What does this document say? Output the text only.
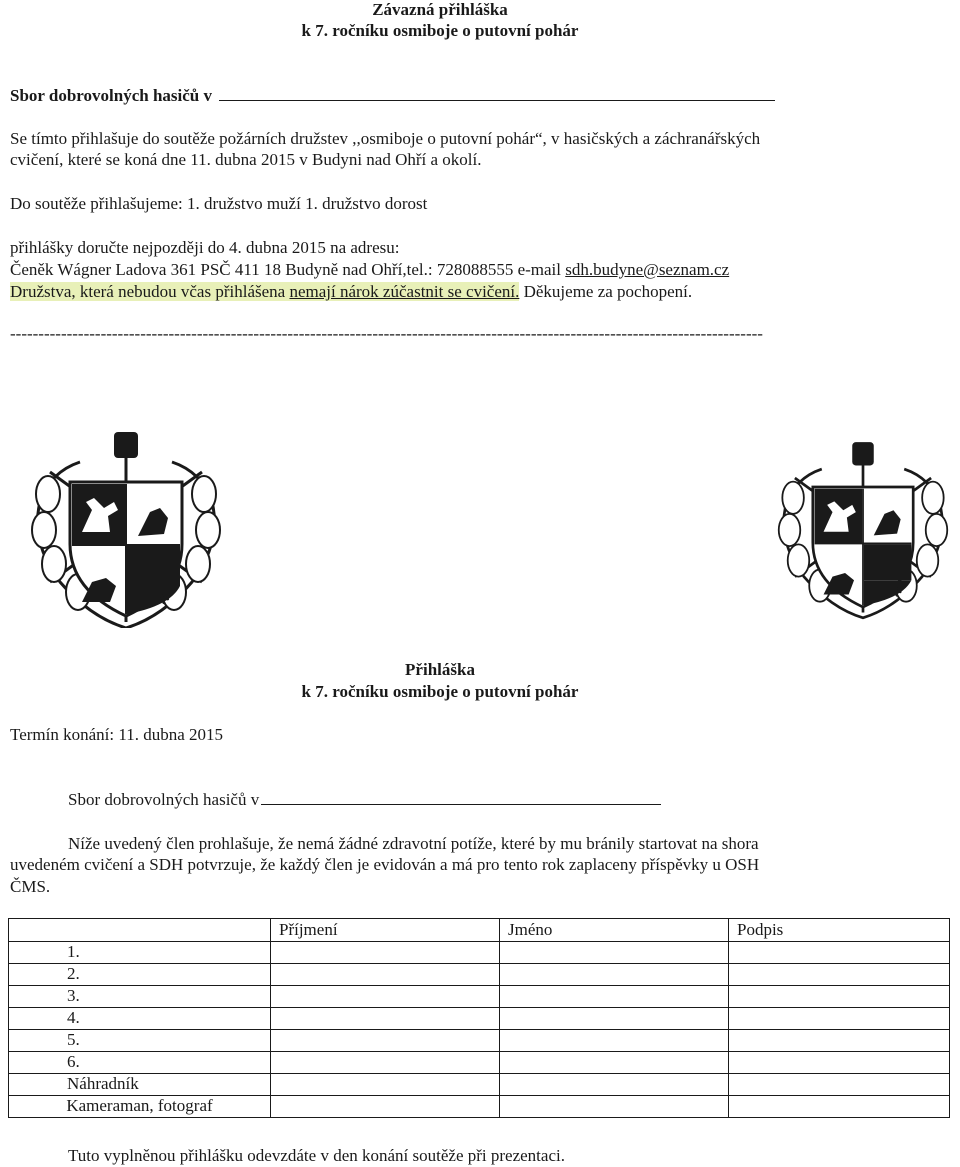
Závazná přihláška
k 7. ročníku osmiboje o putovní pohár
Sbor dobrovolných hasičů v
Se tímto přihlašuje do soutěže požárních družstev ,,osmiboje o putovní pohár“, v hasičských a záchranářských
cvičení, které se koná dne 11. dubna 2015 v Budyni nad Ohří a okolí.
Do soutěže přihlašujeme: 1. družstvo muží 1. družstvo dorost
přihlášky doručte nejpozději do 4. dubna 2015 na adresu:
Čeněk Wágner Ladova 361 PSČ 411 18 Budyně nad Ohří,tel.: 728088555 e-mail sdh.budyne@seznam.cz
Družstva, která nebudou včas přihlášena nemají nárok zúčastnit se cvičení. Děkujeme za pochopení.
-------------------------------------------------------------------------------------------------------------------------------------
✣
✣
Přihláška
k 7. ročníku osmiboje o putovní pohár
Termín konání: 11. dubna 2015
Sbor dobrovolných hasičů v
Níže uvedený člen prohlašuje, že nemá žádné zdravotní potíže, které by mu bránily startovat na shora
uvedeném cvičení a SDH potvrzuje, že každý člen je evidován a má pro tento rok zaplaceny příspěvky u OSH
ČMS.
	Příjmení	Jméno	Podpis
1.			
2.			
3.			
4.			
5.			
6.			
Náhradník			
Kameraman, fotograf			
Tuto vyplněnou přihlášku odevzdáte v den konání soutěže při prezentaci.
